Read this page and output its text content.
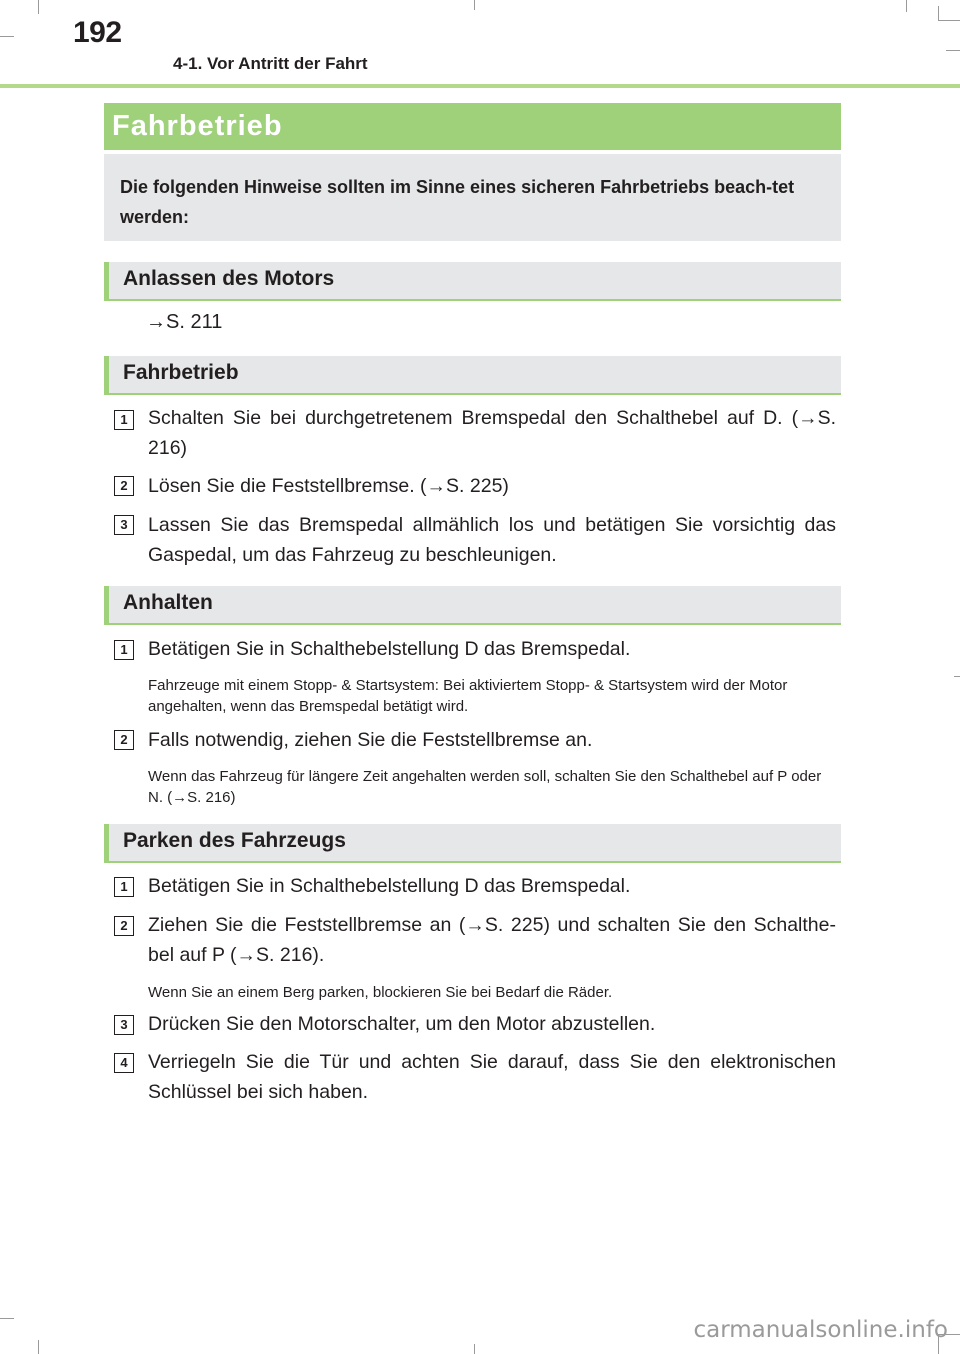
192
4-1. Vor Antritt der Fahrt
Fahrbetrieb
Die folgenden Hinweise sollten im Sinne eines sicheren Fahrbetriebs beach-tet werden:
Anlassen des Motors
→S. 211
Fahrbetrieb
1	Schalten Sie bei durchgetretenem Bremspedal den Schalthebel auf D. (→S. 216)
2	Lösen Sie die Feststellbremse. (→S. 225)
3	Lassen Sie das Bremspedal allmählich los und betätigen Sie vorsichtig das Gaspedal, um das Fahrzeug zu beschleunigen.
Anhalten
1	Betätigen Sie in Schalthebelstellung D das Bremspedal.
Fahrzeuge mit einem Stopp- & Startsystem: Bei aktiviertem Stopp- & Startsystem wird der Motor angehalten, wenn das Bremspedal betätigt wird.
2	Falls notwendig, ziehen Sie die Feststellbremse an.
Wenn das Fahrzeug für längere Zeit angehalten werden soll, schalten Sie den Schalthebel auf P oder N. (→S. 216)
Parken des Fahrzeugs
1	Betätigen Sie in Schalthebelstellung D das Bremspedal.
2	Ziehen Sie die Feststellbremse an (→S. 225) und schalten Sie den Schalthe-bel auf P (→S. 216).
Wenn Sie an einem Berg parken, blockieren Sie bei Bedarf die Räder.
3	Drücken Sie den Motorschalter, um den Motor abzustellen.
4	Verriegeln Sie die Tür und achten Sie darauf, dass Sie den elektronischen Schlüssel bei sich haben.
carmanualsonline.info
